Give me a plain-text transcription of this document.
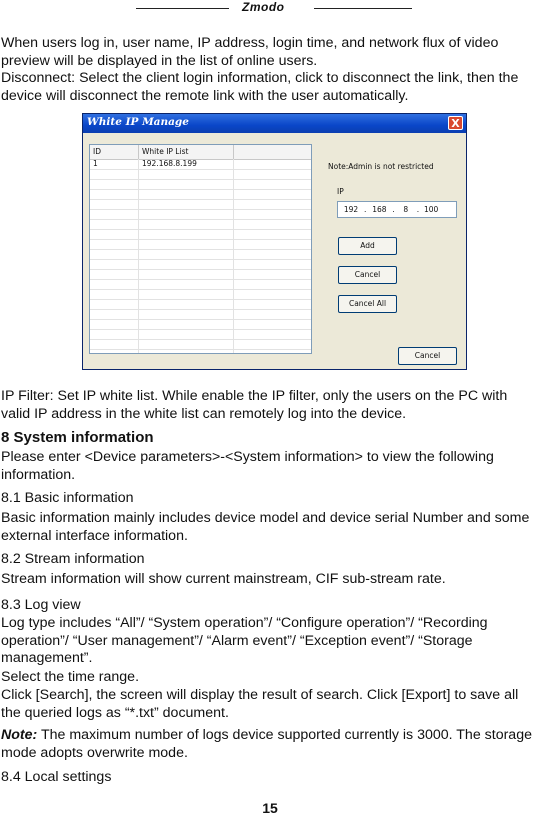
Zmodo

When users log in, user name, IP address, login time, and network flux of video preview will be displayed in the list of online users.

Disconnect: Select the client login information, click to disconnect the link, then the device will disconnect the remote link with the user automatically.

White IP Manage	X
ID	White IP List
1	192.168.8.199	Note:Admin is not restricted
IP
192 . 168 .	8	. 100
Add
Cancel
Cancel All
Cancel

IP Filter: Set IP white list. While enable the IP filter, only the users on the PC with valid IP address in the white list can remotely log into the device.

8 System information

Please enter <Device parameters>-<System information> to view the following information.

8.1 Basic information

Basic information mainly includes device model and device serial Number and some external interface information.

8.2 Stream information

Stream information will show current mainstream, CIF sub-stream rate.

8.3 Log view

Log type includes “All”/ “System operation”/ “Configure operation”/ “Recording operation”/ “User management”/ “Alarm event”/ “Exception event”/ “Storage management”.

Select the time range.

Click [Search], the screen will display the result of search. Click [Export] to save all the queried logs as “*.txt” document.

Note: The maximum number of logs device supported currently is 3000. The storage mode adopts overwrite mode.

8.4 Local settings

15
